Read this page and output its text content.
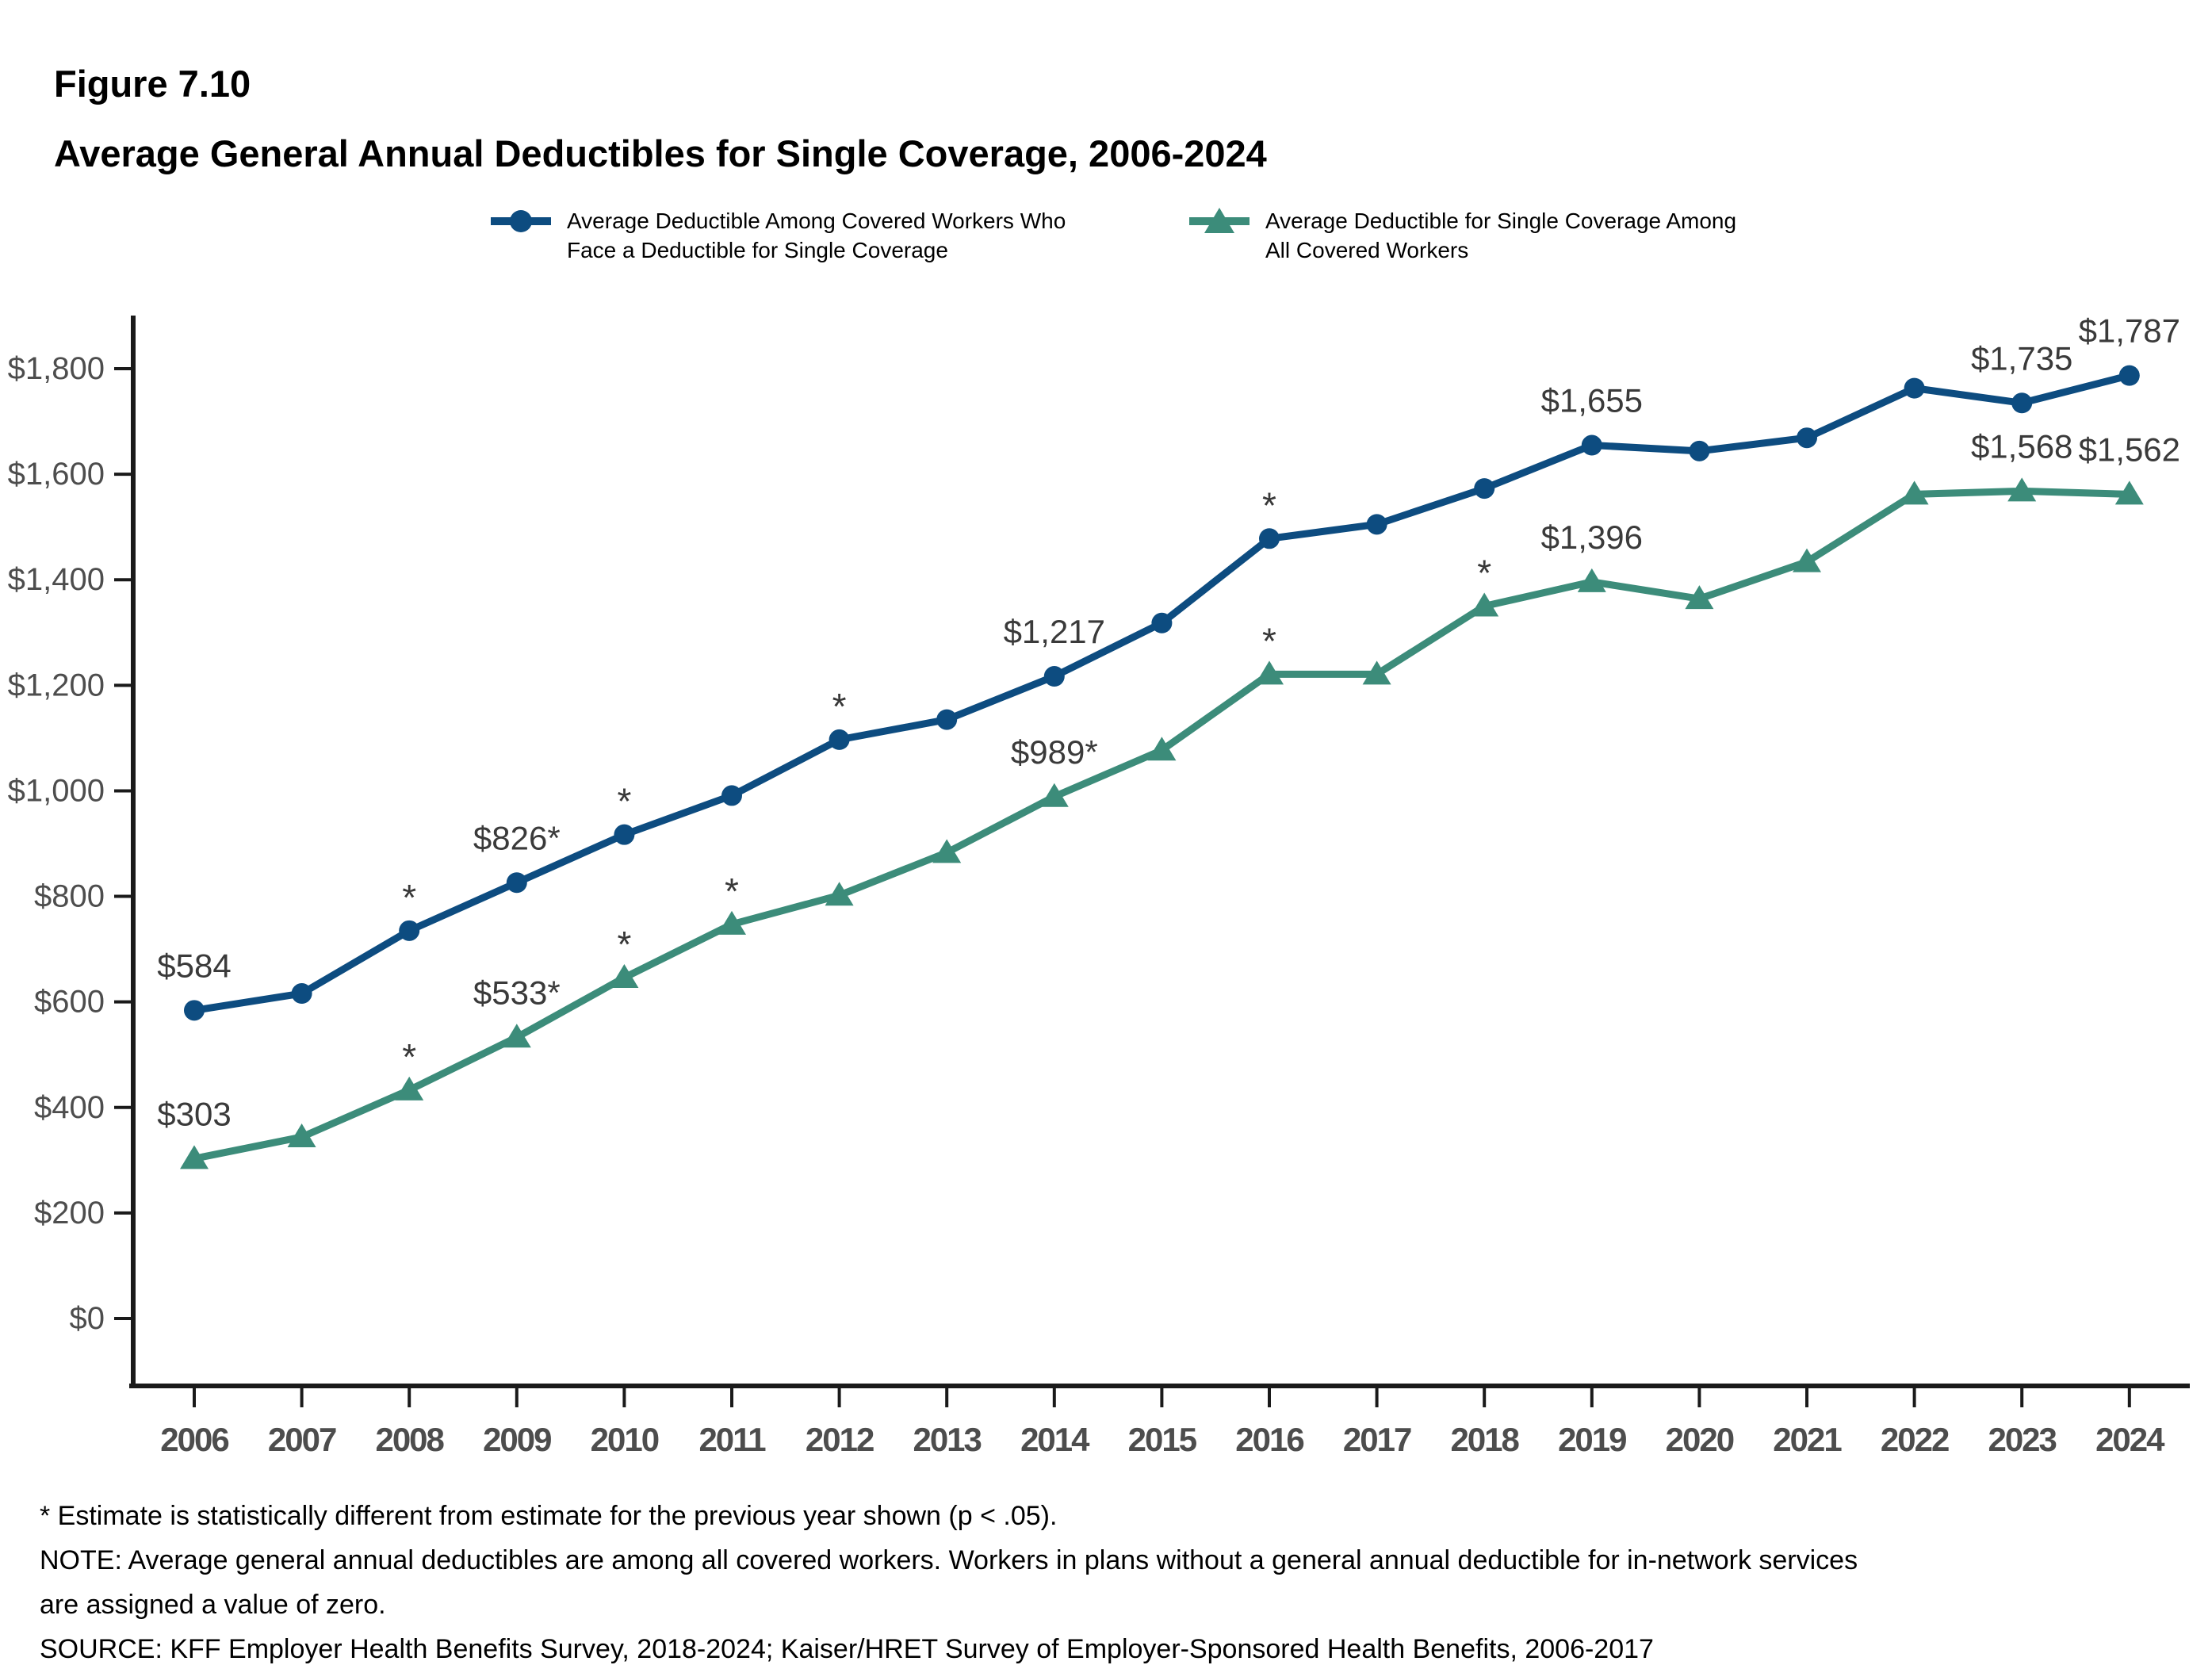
Figure 7.10
Average General Annual Deductibles for Single Coverage, 2006-2024
Average Deductible Among Covered Workers Who
Face a Deductible for Single Coverage
Average Deductible for Single Coverage Among
All Covered Workers
$0
$200
$400
$600
$800
$1,000
$1,200
$1,400
$1,600
$1,800
2006 2007 2008 2009 2010 2011 2012 2013 2014 2015 2016 2017 2018 2019 2020 2021 2022 2023 2024
*
*
*
*
$584
$826*
$1,217
$1,655
$1,735
$1,787
*
*
*
*
*
$303
$533*
$989*
$1,396
$1,568 $1,562
* Estimate is statistically different from estimate for the previous year shown (p < .05).
NOTE: Average general annual deductibles are among all covered workers. Workers in plans without a general annual deductible for in-network services
are assigned a value of zero.
SOURCE: KFF Employer Health Benefits Survey, 2018-2024; Kaiser/HRET Survey of Employer-Sponsored Health Benefits, 2006-2017
